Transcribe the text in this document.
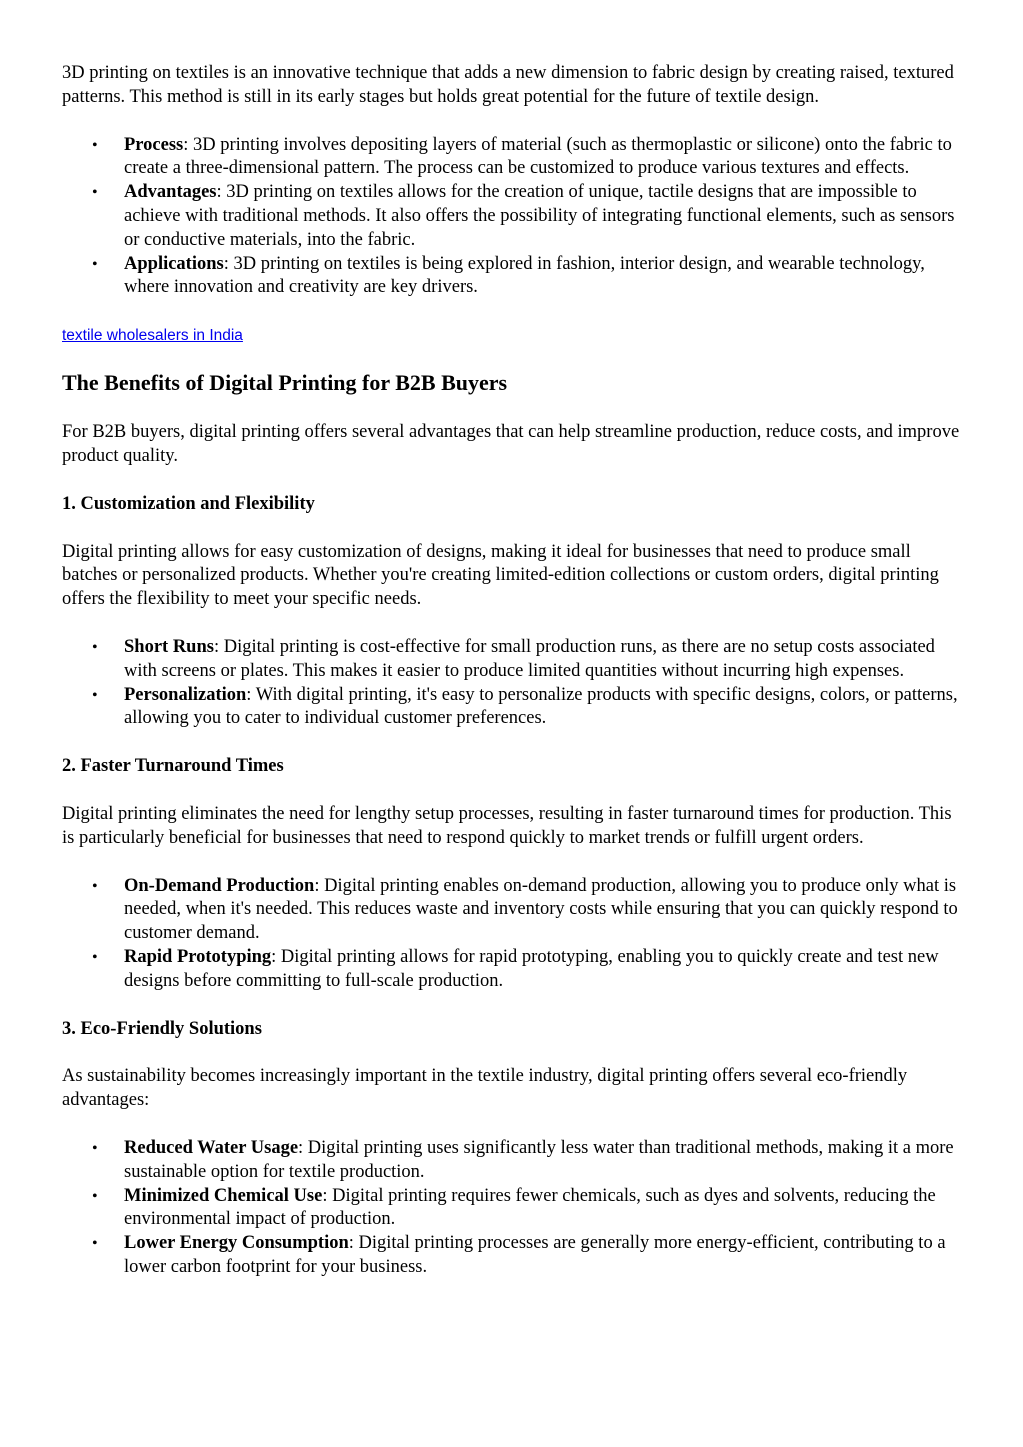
3D printing on textiles is an innovative technique that adds a new dimension to fabric design by creating raised, textured patterns. This method is still in its early stages but holds great potential for the future of textile design.

• Process: 3D printing involves depositing layers of material (such as thermoplastic or silicone) onto the fabric to create a three-dimensional pattern. The process can be customized to produce various textures and effects.
• Advantages: 3D printing on textiles allows for the creation of unique, tactile designs that are impossible to achieve with traditional methods. It also offers the possibility of integrating functional elements, such as sensors or conductive materials, into the fabric.
• Applications: 3D printing on textiles is being explored in fashion, interior design, and wearable technology, where innovation and creativity are key drivers.
textile wholesalers in India
The Benefits of Digital Printing for B2B Buyers

For B2B buyers, digital printing offers several advantages that can help streamline production, reduce costs, and improve product quality.

1. Customization and Flexibility

Digital printing allows for easy customization of designs, making it ideal for businesses that need to produce small batches or personalized products. Whether you're creating limited-edition collections or custom orders, digital printing offers the flexibility to meet your specific needs.

• Short Runs: Digital printing is cost-effective for small production runs, as there are no setup costs associated with screens or plates. This makes it easier to produce limited quantities without incurring high expenses.
• Personalization: With digital printing, it's easy to personalize products with specific designs, colors, or patterns, allowing you to cater to individual customer preferences.
2. Faster Turnaround Times

Digital printing eliminates the need for lengthy setup processes, resulting in faster turnaround times for production. This is particularly beneficial for businesses that need to respond quickly to market trends or fulfill urgent orders.

• On-Demand Production: Digital printing enables on-demand production, allowing you to produce only what is needed, when it's needed. This reduces waste and inventory costs while ensuring that you can quickly respond to customer demand.
• Rapid Prototyping: Digital printing allows for rapid prototyping, enabling you to quickly create and test new designs before committing to full-scale production.
3. Eco-Friendly Solutions

As sustainability becomes increasingly important in the textile industry, digital printing offers several eco-friendly advantages:

• Reduced Water Usage: Digital printing uses significantly less water than traditional methods, making it a more sustainable option for textile production.
• Minimized Chemical Use: Digital printing requires fewer chemicals, such as dyes and solvents, reducing the environmental impact of production.
• Lower Energy Consumption: Digital printing processes are generally more energy-efficient, contributing to a lower carbon footprint for your business.
